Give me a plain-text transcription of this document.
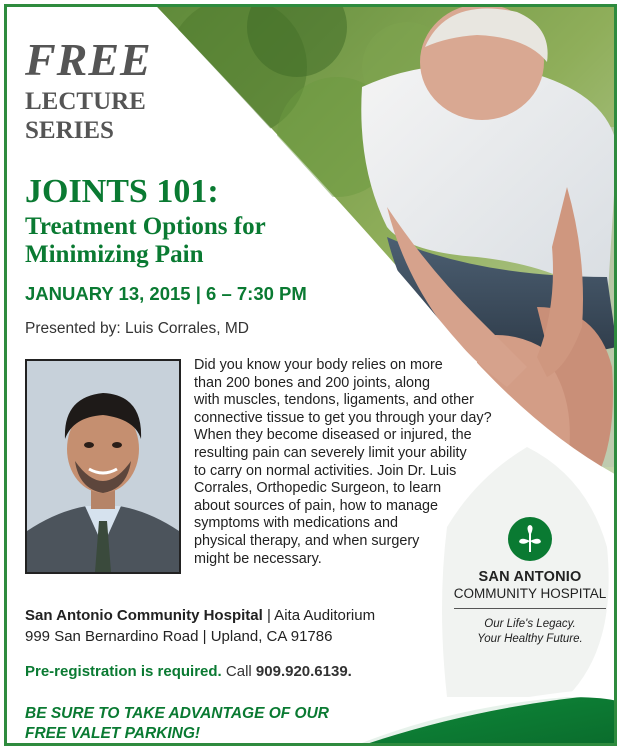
FREE
LECTURE
SERIES
JOINTS 101:
Treatment Options for
Minimizing Pain
JANUARY 13, 2015 | 6 – 7:30 PM
Presented by: Luis Corrales, MD
Did you know your body relies on more
than 200 bones and 200 joints, along
with muscles, tendons, ligaments, and other
connective tissue to get you through your day?
When they become diseased or injured, the
resulting pain can severely limit your ability
to carry on normal activities. Join Dr. Luis
Corrales, Orthopedic Surgeon, to learn
about sources of pain, how to manage
symptoms with medications and
physical therapy, and when surgery
might be necessary.
San Antonio Community Hospital | Aita Auditorium
999 San Bernardino Road | Upland, CA 91786
Pre-registration is required. Call 909.920.6139.
BE SURE TO TAKE ADVANTAGE OF OUR
FREE VALET PARKING!
SAN ANTONIO
COMMUNITY HOSPITAL
Our Life's Legacy.
Your Healthy Future.
